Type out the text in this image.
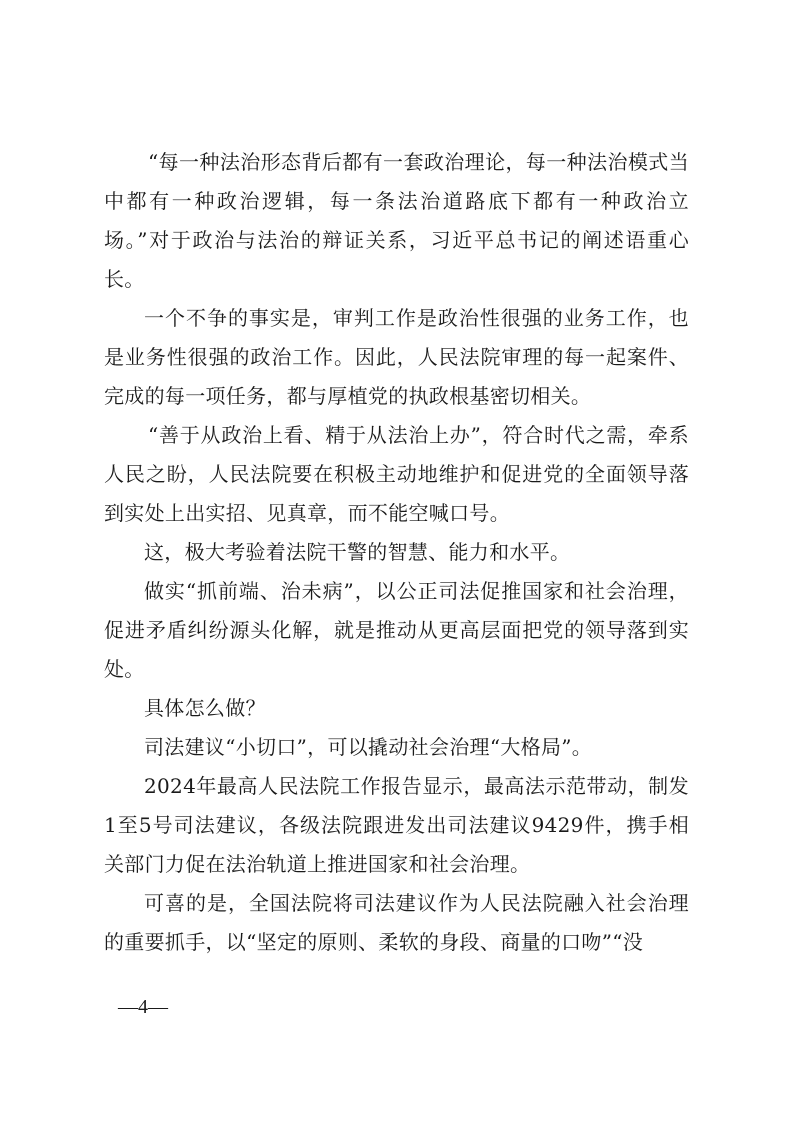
“每一种法治形态背后都有一套政治理论，每一种法治模式当中都有一种政治逻辑，每一条法治道路底下都有一种政治立场。”对于政治与法治的辩证关系，习近平总书记的阐述语重心长。

一个不争的事实是，审判工作是政治性很强的业务工作，也是业务性很强的政治工作。因此，人民法院审理的每一起案件、完成的每一项任务，都与厚植党的执政根基密切相关。

“善于从政治上看、精于从法治上办”，符合时代之需，牵系人民之盼，人民法院要在积极主动地维护和促进党的全面领导落到实处上出实招、见真章，而不能空喊口号。

这，极大考验着法院干警的智慧、能力和水平。

做实“抓前端、治未病”，以公正司法促推国家和社会治理，促进矛盾纠纷源头化解，就是推动从更高层面把党的领导落到实处。

具体怎么做？

司法建议“小切口”，可以撬动社会治理“大格局”。

2024年最高人民法院工作报告显示，最高法示范带动，制发1至5号司法建议，各级法院跟进发出司法建议9429件，携手相关部门力促在法治轨道上推进国家和社会治理。

可喜的是，全国法院将司法建议作为人民法院融入社会治理的重要抓手，以“坚定的原则、柔软的身段、商量的口吻”“没

—4—
